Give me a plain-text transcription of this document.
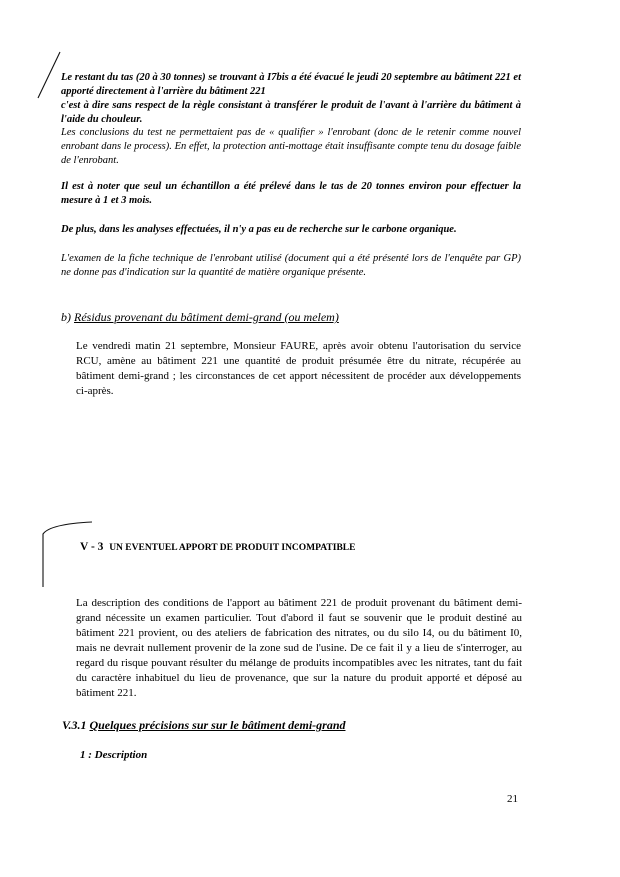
Le restant du tas (20 à 30 tonnes) se trouvant à I7bis a été évacué le jeudi 20 septembre au bâtiment 221 et apporté directement à l'arrière du bâtiment 221
c'est à dire sans respect de la règle consistant à transférer le produit de l'avant à l'arrière du bâtiment à l'aide du chouleur.

Les conclusions du test ne permettaient pas de « qualifier » l'enrobant (donc de le retenir comme nouvel enrobant dans le process). En effet, la protection anti-mottage était insuffisante compte tenu du dosage faible de l'enrobant.

Il est à noter que seul un échantillon a été prélevé dans le tas de 20 tonnes environ pour effectuer la mesure à 1 et 3 mois.

De plus, dans les analyses effectuées, il n'y a pas eu de recherche sur le carbone organique.

L'examen de la fiche technique de l'enrobant utilisé (document qui a été présenté lors de l'enquête par GP) ne donne pas d'indication sur la quantité de matière organique présente.

b) Résidus provenant du bâtiment demi-grand (ou melem)

Le vendredi matin 21 septembre, Monsieur FAURE, après avoir obtenu l'autorisation du service RCU, amène au bâtiment 221 une quantité de produit présumée être du nitrate, récupérée au bâtiment demi-grand ; les circonstances de cet apport nécessitent de procéder aux développements ci-après.

V - 3 UN EVENTUEL APPORT DE PRODUIT INCOMPATIBLE

La description des conditions de l'apport au bâtiment 221 de produit provenant du bâtiment demi-grand nécessite un examen particulier. Tout d'abord il faut se souvenir que le produit destiné au bâtiment 221 provient, ou des ateliers de fabrication des nitrates, ou du silo I4, ou du bâtiment I0, mais ne devrait nullement provenir de la zone sud de l'usine. De ce fait il y a lieu de s'interroger, au regard du risque pouvant résulter du mélange de produits incompatibles avec les nitrates, tant du fait du caractère inhabituel du lieu de provenance, que sur la nature du produit apporté et déposé au bâtiment 221.

V.3.1 Quelques précisions sur sur le bâtiment demi-grand
1 : Description
21
